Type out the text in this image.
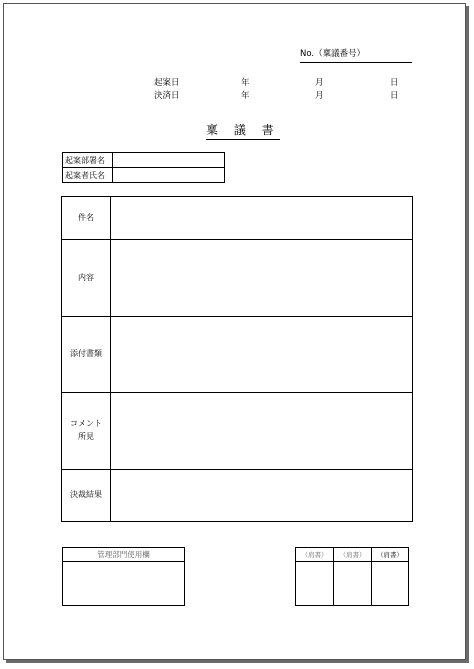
No.（稟議番号）
起案日	年	月	日
決済日	年	月	日
稟 議 書
起案部署名	
起案者氏名	
件名	
内容	
添付書類	
コメント
所見	
決裁結果	
管理部門使用欄	（肩書）	（肩書）	（肩書）
